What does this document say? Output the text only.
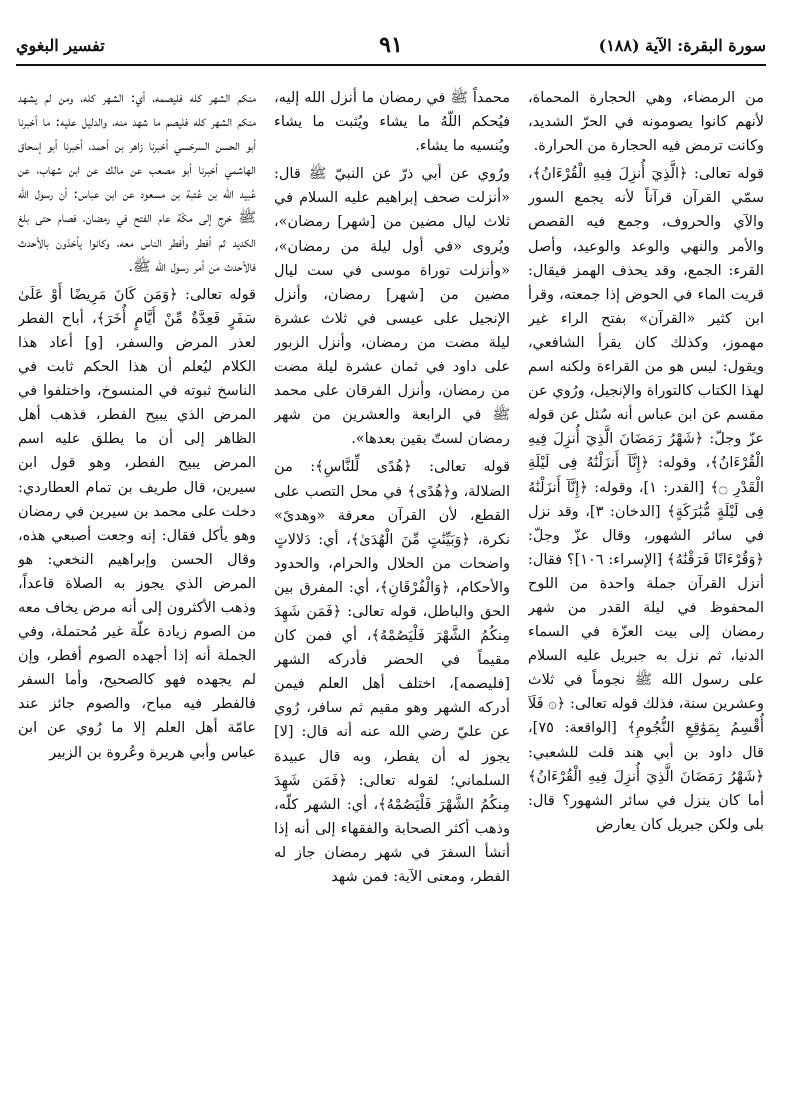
سورة البقرة: الآية (١٨٨)
٩١
تفسير البغوي

من الرمضاء، وهي الحجارة المحماة، لأنهم كانوا يصومونه في الحرّ الشديد، وكانت ترمض فيه الحجارة من الحرارة.

قوله تعالى: ﴿الَّذِيٓ أُنزِلَ فِيهِ الْقُرْءَانُ﴾، سمّي القرآن قرآناً لأنه يجمع السور والآي والحروف، وجمع فيه القصص والأمر والنهي والوعد والوعيد، وأصل القرء: الجمع، وقد يحذف الهمز فيقال: قريت الماء في الحوض إذا جمعته، وقرأ ابن كثير «القرآن» بفتح الراء غير مهموز، وكذلك كان يقرأ الشافعي، ويقول: ليس هو من القراءة ولكنه اسم لهذا الكتاب كالتوراة والإنجيل، ورُوي عن مقسم عن ابن عباس أنه سُئل عن قوله عزّ وجلّ: ﴿شَهْرُ رَمَضَانَ الَّذِيٓ أُنزِلَ فِيهِ الْقُرْءَانُ﴾، وقوله: ﴿إِنَّآ أَنزَلْنَٰهُ فِى لَيْلَةِ الْقَدْرِ ۝﴾ [القدر: ١]، وقوله: ﴿إِنَّآ أَنزَلْنَٰهُ فِى لَيْلَةٍ مُّبَٰرَكَةٍ﴾ [الدخان: ٣]، وقد نزل في سائر الشهور، وقال عزّ وجلّ: ﴿وَقُرْءَانًا فَرَقْنَٰهُ﴾ [الإسراء: ١٠٦]؟ فقال: أنزل القرآن جملة واحدة من اللوح المحفوظ في ليلة القدر من شهر رمضان إلى بيت العزّة في السماء الدنيا، ثم نزل به جبريل عليه السلام على رسول الله ﷺ نجوماً في ثلاث وعشرين سنة، فذلك قوله تعالى: ﴿۞ فَلَآ أُقْسِمُ بِمَوَٰقِعِ النُّجُومِ﴾ [الواقعة: ٧٥]، قال داود بن أبي هند قلت للشعبي: ﴿شَهْرُ رَمَضَانَ الَّذِيٓ أُنزِلَ فِيهِ الْقُرْءَانُ﴾ أما كان ينزل في سائر الشهور؟ قال: بلى ولكن جبريل كان يعارض

محمداً ﷺ في رمضان ما أنزل الله إليه، فيُحكم اللّهُ ما يشاء ويُثبت ما يشاء ويُنسيه ما يشاء.

ورُوي عن أبي ذرّ عن النبيّ ﷺ قال: «أنزلت صحف إبراهيم عليه السلام في ثلاث ليال مضين من [شهر] رمضان»، ويُروى «في أول ليلة من رمضان»، «وأنزلت توراة موسى في ست ليال مضين من [شهر] رمضان، وأنزل الإنجيل على عيسى في ثلاث عشرة ليلة مضت من رمضان، وأنزل الزبور على داود في ثمان عشرة ليلة مضت من رمضان، وأنزل الفرقان على محمد ﷺ في الرابعة والعشرين من شهر رمضان لستّ بقين بعدها».

قوله تعالى: ﴿هُدًى لِّلنَّاسِ﴾: من الضلالة، و﴿هُدًى﴾ في محل التصب على القطع، لأن القرآن معرفة «وهدىً» نكرة، ﴿وَبَيِّنَٰتٍ مِّنَ الْهُدَىٰ﴾، أي: دَلالاتٍ واضحات من الحلال والحرام، والحدود والأحكام، ﴿وَالْفُرْقَانِ﴾، أي: المفرق بين الحق والباطل، قوله تعالى: ﴿فَمَن شَهِدَ مِنكُمُ الشَّهْرَ فَلْيَصُمْهُ﴾، أي فمن كان مقيماً في الحضر فأدركه الشهر [فليصمه]، اختلف أهل العلم فيمن أدركه الشهر وهو مقيم ثم سافر، رُوي عن عليّ رضي الله عنه أنه قال: [لا] يجوز له أن يفطر، وبه قال عبيدة السلماني؛ لقوله تعالى: ﴿فَمَن شَهِدَ مِنكُمُ الشَّهْرَ فَلْيَصُمْهُ﴾، أي: الشهر كلّه، وذهب أكثر الصحابة والفقهاء إلى أنه إذا أنشأ السفرَ في شهر رمضان جاز له الفطر، ومعنى الآية: فمن شهد

منكم الشهر كله فليصمه، أي: الشهر كله، ومن لم يشهد منكم الشهر كله فليصم ما شهد منه، والدليل عليه: ما أخبرنا أبو الحسن السرخسي أخبرنا زاهر بن أحمد، أخبرنا أبو إسحاق الهاشمي أخبرنا أبو مصعب عن مالك عن ابن شهاب، عن عُبيد الله بن عُتبة بن مسعود عن ابن عباس: أن رسول الله ﷺ خرج إلى مكّة عام الفتح في رمضان، فصام حتى بلغ الكديد ثم أفطر وأفطر الناس معه، وكانوا يأخذون بالأحدث فالأحدث من أمر رسول الله ﷺ.

قوله تعالى: ﴿وَمَن كَانَ مَرِيضًا أَوْ عَلَىٰ سَفَرٍ فَعِدَّةٌ مِّنْ أَيَّامٍ أُخَرَ﴾، أباح الفطر لعذر المرض والسفر، [و] أعاد هذا الكلام ليُعلم أن هذا الحكم ثابت في الناسخ ثبوته في المنسوخ، واختلفوا في المرض الذي يبيح الفطر، فذهب أهل الظاهر إلى أن ما يطلق عليه اسم المرض يبيح الفطر، وهو قول ابن سيرين، قال طريف بن تمام العطاردي: دخلت على محمد بن سيرين في رمضان وهو يأكل فقال: إنه وجعت أصبعي هذه، وقال الحسن وإبراهيم النخعي: هو المرض الذي يجوز به الصلاة قاعداً، وذهب الأكثرون إلى أنه مرض يخاف معه من الصوم زيادة علّة غير مُحتملة، وفي الجملة أنه إذا أجهده الصوم أفطر، وإن لم يجهده فهو كالصحيح، وأما السفر فالفطر فيه مباح، والصوم جائز عند عامّة أهل العلم إلا ما رُوي عن ابن عباس وأبي هريرة وعُروة بن الزبير
